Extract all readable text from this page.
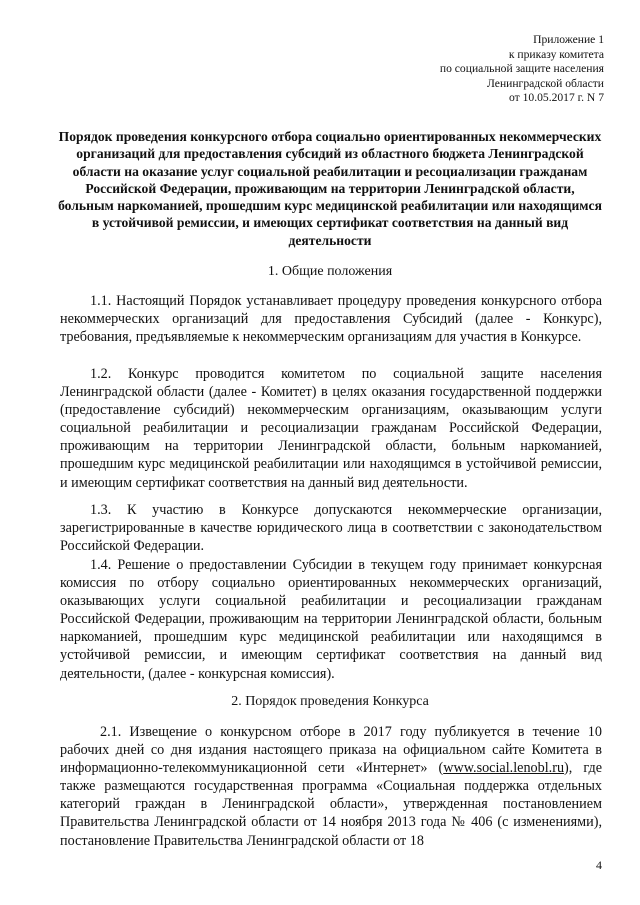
Приложение 1
к приказу комитета
по социальной защите населения
Ленинградской области
от 10.05.2017 г. N 7
Порядок проведения конкурсного отбора социально ориентированных некоммерческих организаций для предоставления субсидий из областного бюджета Ленинградской области на оказание услуг социальной реабилитации и ресоциализации гражданам Российской Федерации, проживающим на территории Ленинградской области, больным наркоманией, прошедшим курс медицинской реабилитации или находящимся в устойчивой ремиссии, и имеющих сертификат соответствия на данный вид деятельности
1. Общие положения
1.1. Настоящий Порядок устанавливает процедуру проведения конкурсного отбора некоммерческих организаций для предоставления Субсидий (далее - Конкурс), требования, предъявляемые к некоммерческим организациям для участия в Конкурсе.
1.2. Конкурс проводится комитетом по социальной защите населения Ленинградской области (далее - Комитет) в целях оказания государственной поддержки (предоставление субсидий) некоммерческим организациям, оказывающим услуги социальной реабилитации и ресоциализации гражданам Российской Федерации, проживающим на территории Ленинградской области, больным наркоманией, прошедшим курс медицинской реабилитации или находящимся в устойчивой ремиссии, и имеющим сертификат соответствия на данный вид деятельности.
1.3. К участию в Конкурсе допускаются некоммерческие организации, зарегистрированные в качестве юридического лица в соответствии с законодательством Российской Федерации.
1.4. Решение о предоставлении Субсидии в текущем году принимает конкурсная комиссия по отбору социально ориентированных некоммерческих организаций, оказывающих услуги социальной реабилитации и ресоциализации гражданам Российской Федерации, проживающим на территории Ленинградской области, больным наркоманией, прошедшим курс медицинской реабилитации или находящимся в устойчивой ремиссии, и имеющим сертификат соответствия на данный вид деятельности, (далее - конкурсная комиссия).
2. Порядок проведения Конкурса
2.1. Извещение о конкурсном отборе в 2017 году публикуется в течение 10 рабочих дней со дня издания настоящего приказа на официальном сайте Комитета в информационно-телекоммуникационной сети «Интернет» (www.social.lenobl.ru), где также размещаются государственная программа «Социальная поддержка отдельных категорий граждан в Ленинградской области», утвержденная постановлением Правительства Ленинградской области от 14 ноября 2013 года № 406 (с изменениями), постановление Правительства Ленинградской области от 18
4
